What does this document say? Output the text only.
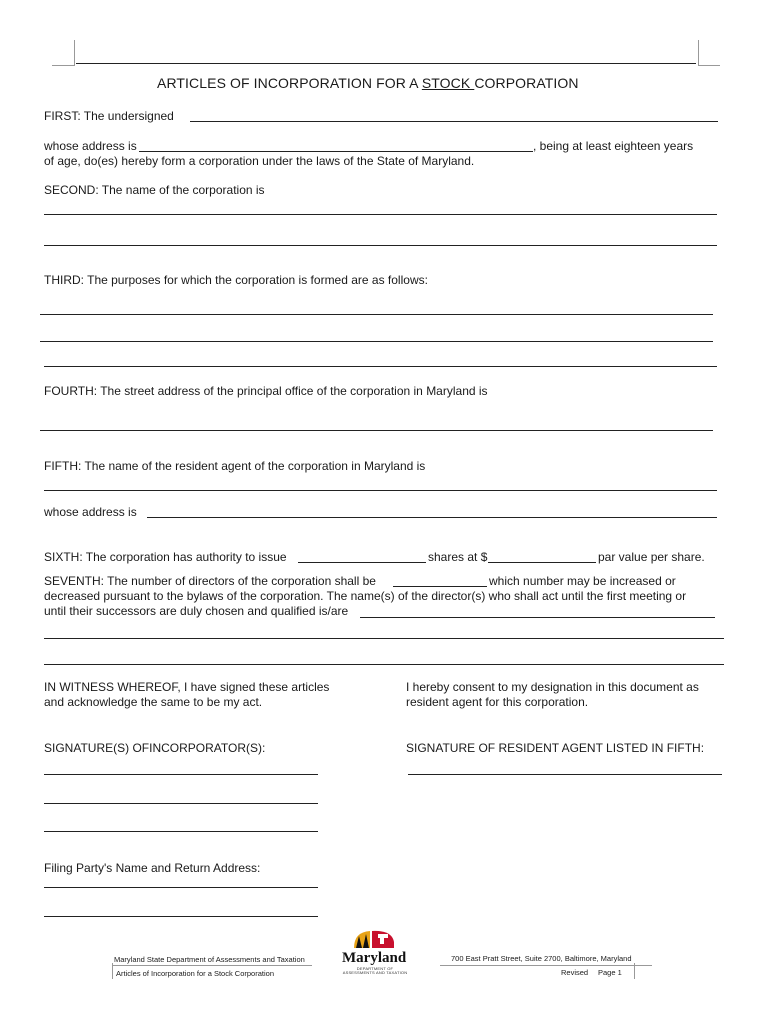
ARTICLES OF INCORPORATION FOR A STOCK CORPORATION
FIRST: The undersigned
whose address is	, being at least eighteen years
of age, do(es) hereby form a corporation under the laws of the State of Maryland.
SECOND: The name of the corporation is
THIRD: The purposes for which the corporation is formed are as follows:
FOURTH: The street address of the principal office of the corporation in Maryland is
FIFTH: The name of the resident agent of the corporation in Maryland is
whose address is
SIXTH: The corporation has authority to issue	shares at $	par value per share.
SEVENTH: The number of directors of the corporation shall be	which number may be increased or
decreased pursuant to the bylaws of the corporation. The name(s) of the director(s) who shall act until the first meeting or
until their successors are duly chosen and qualified is/are
IN WITNESS WHEREOF, I have signed these articles
and acknowledge the same to be my act.
I hereby consent to my designation in this document as
resident agent for this corporation.
SIGNATURE(S) OFINCORPORATOR(S):	SIGNATURE OF RESIDENT AGENT LISTED IN FIFTH:
Filing Party's Name and Return Address:
Maryland State Department of Assessments and Taxation
Articles of Incorporation for a Stock Corporation
Maryland
DEPARTMENT OF
ASSESSMENTS AND TAXATION
700 East Pratt Street, Suite 2700, Baltimore, Maryland
Revised Page 1
